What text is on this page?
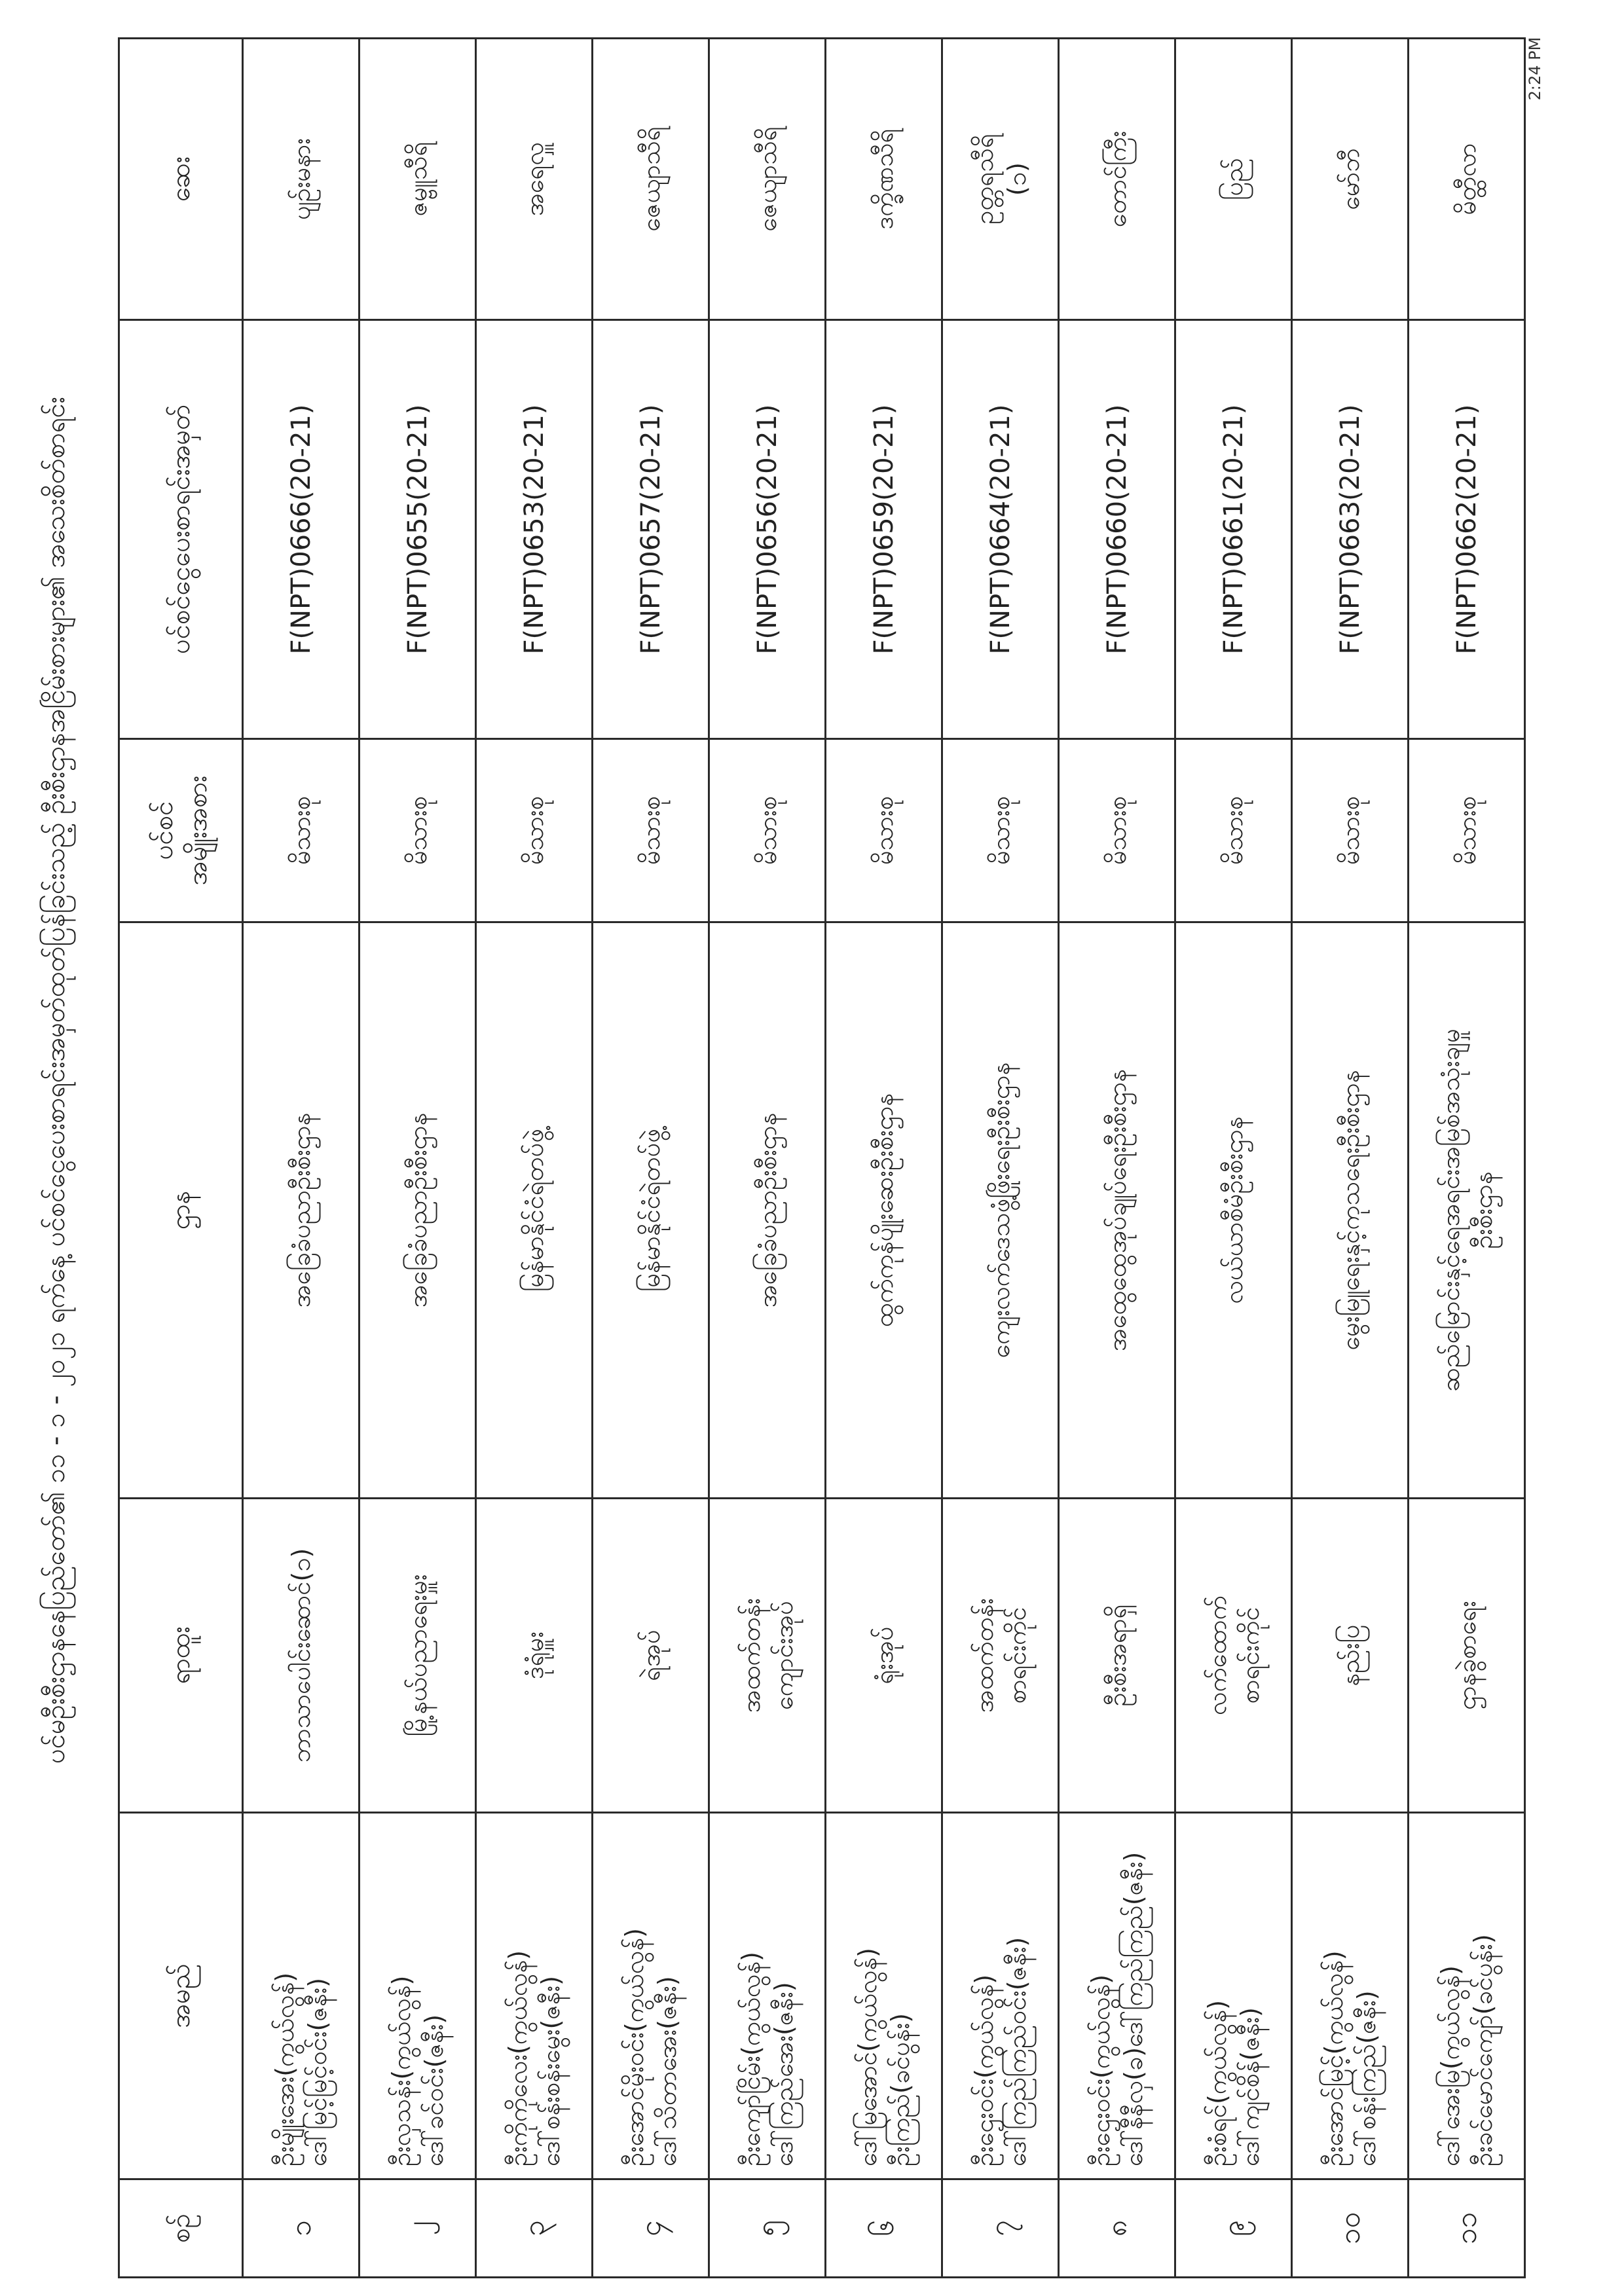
ပင်မဦးစီးဌာနနေပြည်တော်၏ ၁၁ - ၁ - ၂၀၂၁ ရက်နေ့ ပင်စင်ငွေပေးစာရင်းအမှတ်ထုတ်ပြန်ခြင်းသည့် ဦးစီးဌာနအငြိမ်းစားများ၏ အသေးစိတ်စာရင်း
2:24 PM
စဉ်	အမည်	ရာထူး	ဌာန	ပင်စင် အမျိုးအစား	ပင်စင်ငွေပေးစာရင်းအမှတ်	ဆေး
၁	ဦးမျိုးအေး(ကွယ်လွန်) ဒေါ်မြင့်မြင့်ဝင်း(ဇနီး)	ဘာသာပေါင်းဆောင်(၁)	အခြေခံပညာဦးစီးဌာန	မိသားစု	F(NPT)0666(20-21)	ပျဉ်းမနား

၂	ဦးလှသန်း(ကွယ်လွန်) ဒေါ်ခင်ဝင်း(ဇနီး)	မြို့နယ်ပညာရေးမှူး	အခြေခံပညာဦးစီးဌာန	မိသားစု	F(NPT)0655(20-21)	ဇမ္ဗူသီရိ

၃	ဦးကိုကိုလေး(ကွယ်လွန်) ဒေါ်စန်းစန်းမွေး(ဇနီး)	ဒုံရုံမှူး	မြန်မာနိုင်ငံရဲတပ်ဖွဲ့	မိသားစု	F(NPT)0653(20-21)	အရေလှူ

၄	ဦးအောင်မိုးဝင်း(ကွယ်လွန်) ဒေါ်သိတာအေး(ဇနီး)	ရဲအုပ်	မြန်မာနိုင်ငံရဲတပ်ဖွဲ့	မိသားစု	F(NPT)0657(20-21)	ဇေယျာသီရိ

၅	ဦးကျော်ငြိမ်း(ကွယ်လွန်) ဒေါ်ကြည်အေး(ဇနီး)	အထက်တန်း ကျောင်းအုပ်	အခြေခံပညာဦးစီးဌာန	မိသားစု	F(NPT)0656(20-21)	ဇေယျာသီရိ

၆	ဒေါ်မြအောင်(ကွယ်လွန်) ဦးကြည်(ခင်ပွန်း)	ရုံးအုပ်	ထွက်ကုန်ပျိုးဆေးဦးစီးဌာန	မိသားစု	F(NPT)0659(20-21)	ဒက္ခိဏသီရိ

၇	ဦးဌေးဝင်း(ကွယ်လွန်) ဒေါ်ကြည်ကြည်ဝင်း(ဇနီး)	အထက်တန်း စာရင်းကိုင်	ကျေးလက်ဒေသဖွံ့ဖြိုးရေးဦးစီးဌာန	မိသားစု	F(NPT)0664(20-21)	ဥတ္တရသီရိ (၁)

၈	ဦးဌေးဝင်း(ကွယ်လွန်) ဒေါ်နီနီလှ(ခ)ဒေါ်ကြည်ကြည်(ဇနီး)	ဦးစီးအရာရှိ	အထွေထွေအုပ်ချုပ်ရေးဦးစီးဌာန	မိသားစု	F(NPT)0660(20-21)	တောင်ကြီး

၉	ဦးစံရင်(ကွယ်လွန်) ဒေါ်ကျင်စိန်(ဇနီး)	လက်ထောက် စာရင်းကိုင်	လယ်ယာစီမံဦးစီးဌာန	မိသားစု	F(NPT)0661(20-21)	ပြည်

၁၀	ဦးအောင်မြင့်(ကွယ်လွန်) ဒေါ်စန်းကြည်(ဇနီး)	နည်းပြ	မွေးမြူရေးနှင့်ကုသရေးဦးစီးဌာန	မိသားစု	F(NPT)0663(20-21)	မော်ဘီ

၁၁	ဒေါ်အေးမြ(ကွယ်လွန်) ဦးခင်မောင်ကျော်(ခင်ပွန်း)	ဌာနခွဲစာရေး	ဆည်မြောင်းနှင့်ရေအရင်းအမြစ်အသုံးချမှု ဦးစီးဌာန	မိသားစု	F(NPT)0662(20-21)	မိတ္ထီလာ
